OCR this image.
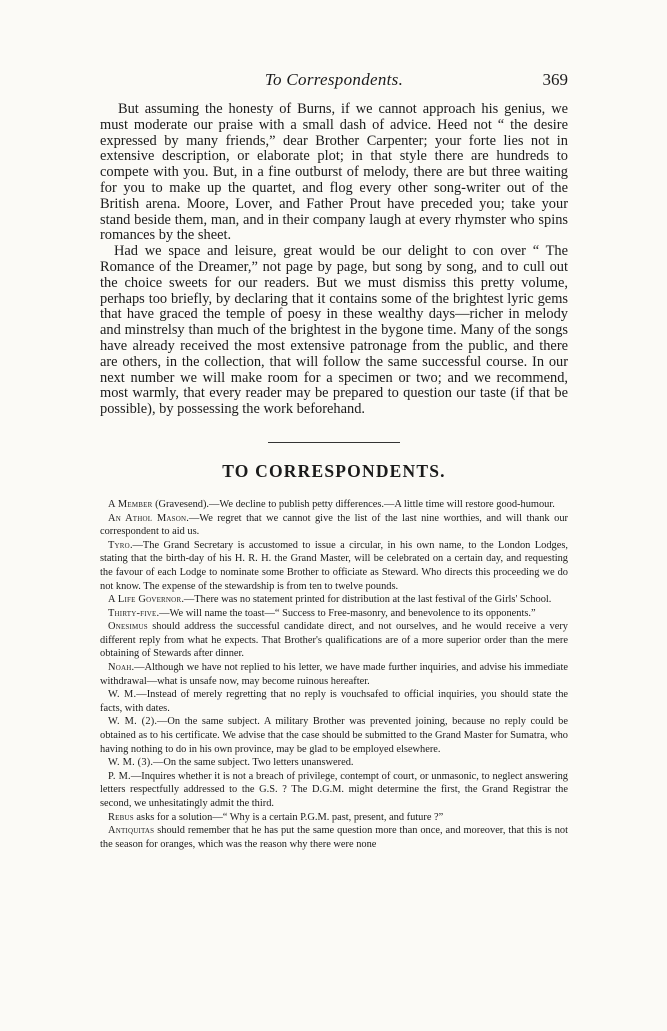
To Correspondents.	369

But assuming the honesty of Burns, if we cannot approach his genius, we must moderate our praise with a small dash of advice. Heed not “ the desire expressed by many friends,” dear Brother Carpenter; your forte lies not in extensive description, or elaborate plot; in that style there are hundreds to compete with you. But, in a fine outburst of melody, there are but three waiting for you to make up the quartet, and flog every other song-writer out of the British arena. Moore, Lover, and Father Prout have preceded you; take your stand beside them, man, and in their company laugh at every rhymster who spins romances by the sheet.

Had we space and leisure, great would be our delight to con over “ The Romance of the Dreamer,” not page by page, but song by song, and to cull out the choice sweets for our readers. But we must dismiss this pretty volume, perhaps too briefly, by declaring that it contains some of the brightest lyric gems that have graced the temple of poesy in these wealthy days—richer in melody and minstrelsy than much of the brightest in the bygone time. Many of the songs have already received the most extensive patronage from the public, and there are others, in the collection, that will follow the same successful course. In our next number we will make room for a specimen or two; and we recommend, most warmly, that every reader may be prepared to question our taste (if that be possible), by possessing the work beforehand.

TO CORRESPONDENTS.

A Member (Gravesend).—We decline to publish petty differences.—A little time will restore good-humour.

An Athol Mason.—We regret that we cannot give the list of the last nine worthies, and will thank our correspondent to aid us.

Tyro.—The Grand Secretary is accustomed to issue a circular, in his own name, to the London Lodges, stating that the birth-day of his H. R. H. the Grand Master, will be celebrated on a certain day, and requesting the favour of each Lodge to nominate some Brother to officiate as Steward. Who directs this proceeding we do not know. The expense of the stewardship is from ten to twelve pounds.

A Life Governor.—There was no statement printed for distribution at the last festival of the Girls' School.

Thirty-five.—We will name the toast—“ Success to Free-masonry, and benevolence to its opponents.”

Onesimus should address the successful candidate direct, and not ourselves, and he would receive a very different reply from what he expects. That Brother's qualifications are of a more superior order than the mere obtaining of Stewards after dinner.

Noah.—Although we have not replied to his letter, we have made further inquiries, and advise his immediate withdrawal—what is unsafe now, may become ruinous hereafter.

W. M.—Instead of merely regretting that no reply is vouchsafed to official inquiries, you should state the facts, with dates.

W. M. (2).—On the same subject. A military Brother was prevented joining, because no reply could be obtained as to his certificate. We advise that the case should be submitted to the Grand Master for Sumatra, who having nothing to do in his own province, may be glad to be employed elsewhere.

W. M. (3).—On the same subject. Two letters unanswered.

P. M.—Inquires whether it is not a breach of privilege, contempt of court, or unmasonic, to neglect answering letters respectfully addressed to the G.S. ? The D.G.M. might determine the first, the Grand Registrar the second, we unhesitatingly admit the third.

Rebus asks for a solution—“ Why is a certain P.G.M. past, present, and future ?”

Antiquitas should remember that he has put the same question more than once, and moreover, that this is not the season for oranges, which was the reason why there were none
